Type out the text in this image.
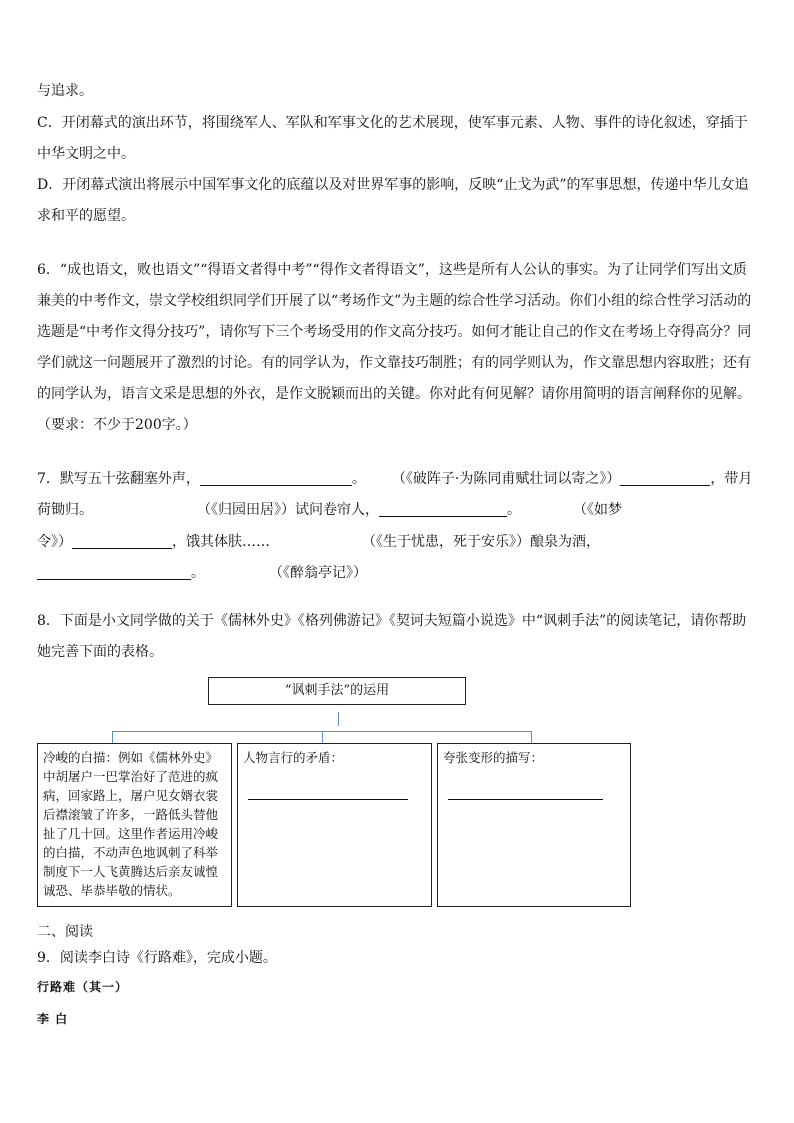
与追求。

C．开闭幕式的演出环节，将围绕军人、军队和军事文化的艺术展现，使军事元素、人物、事件的诗化叙述，穿插于中华文明之中。

D．开闭幕式演出将展示中国军事文化的底蕴以及对世界军事的影响，反映“止戈为武”的军事思想，传递中华儿女追求和平的愿望。

6．“成也语文，败也语文”“得语文者得中考”“得作文者得语文”，这些是所有人公认的事实。为了让同学们写出文质兼美的中考作文，崇文学校组织同学们开展了以“考场作文”为主题的综合性学习活动。你们小组的综合性学习活动的选题是“中考作文得分技巧”，请你写下三个考场受用的作文高分技巧。如何才能让自己的作文在考场上夺得高分？同学们就这一问题展开了激烈的讨论。有的同学认为，作文靠技巧制胜；有的同学则认为，作文靠思想内容取胜；还有的同学认为，语言文采是思想的外衣，是作文脱颖而出的关键。你对此有何见解？请你用简明的语言阐释你的见解。（要求：不少于200字。）

7．默写五十弦翻塞外声，	。 （《破阵子·为陈同甫赋壮词以寄之》）	，带月
荷锄归。	（《归园田居》）试问卷帘人，	。	（《如梦
令》）	，饿其体肤……	（《生于忧患，死于安乐》）酿泉为酒，
。	（《醉翁亭记》）

8．下面是小文同学做的关于《儒林外史》《格列佛游记》《契诃夫短篇小说选》中“讽刺手法”的阅读笔记，请你帮助她完善下面的表格。

“讽刺手法”的运用
冷峻的白描：例如《儒林外史》中胡屠户一巴掌治好了范进的疯病，回家路上，屠户见女婿衣裳后襟滚皱了许多，一路低头替他扯了几十回。这里作者运用冷峻的白描，不动声色地讽刺了科举制度下一人飞黄腾达后亲友诚惶诚恐、毕恭毕敬的情状。
人物言行的矛盾：	夸张变形的描写：
二、阅读
9．阅读李白诗《行路难》，完成小题。
行路难（其一）
李 白
